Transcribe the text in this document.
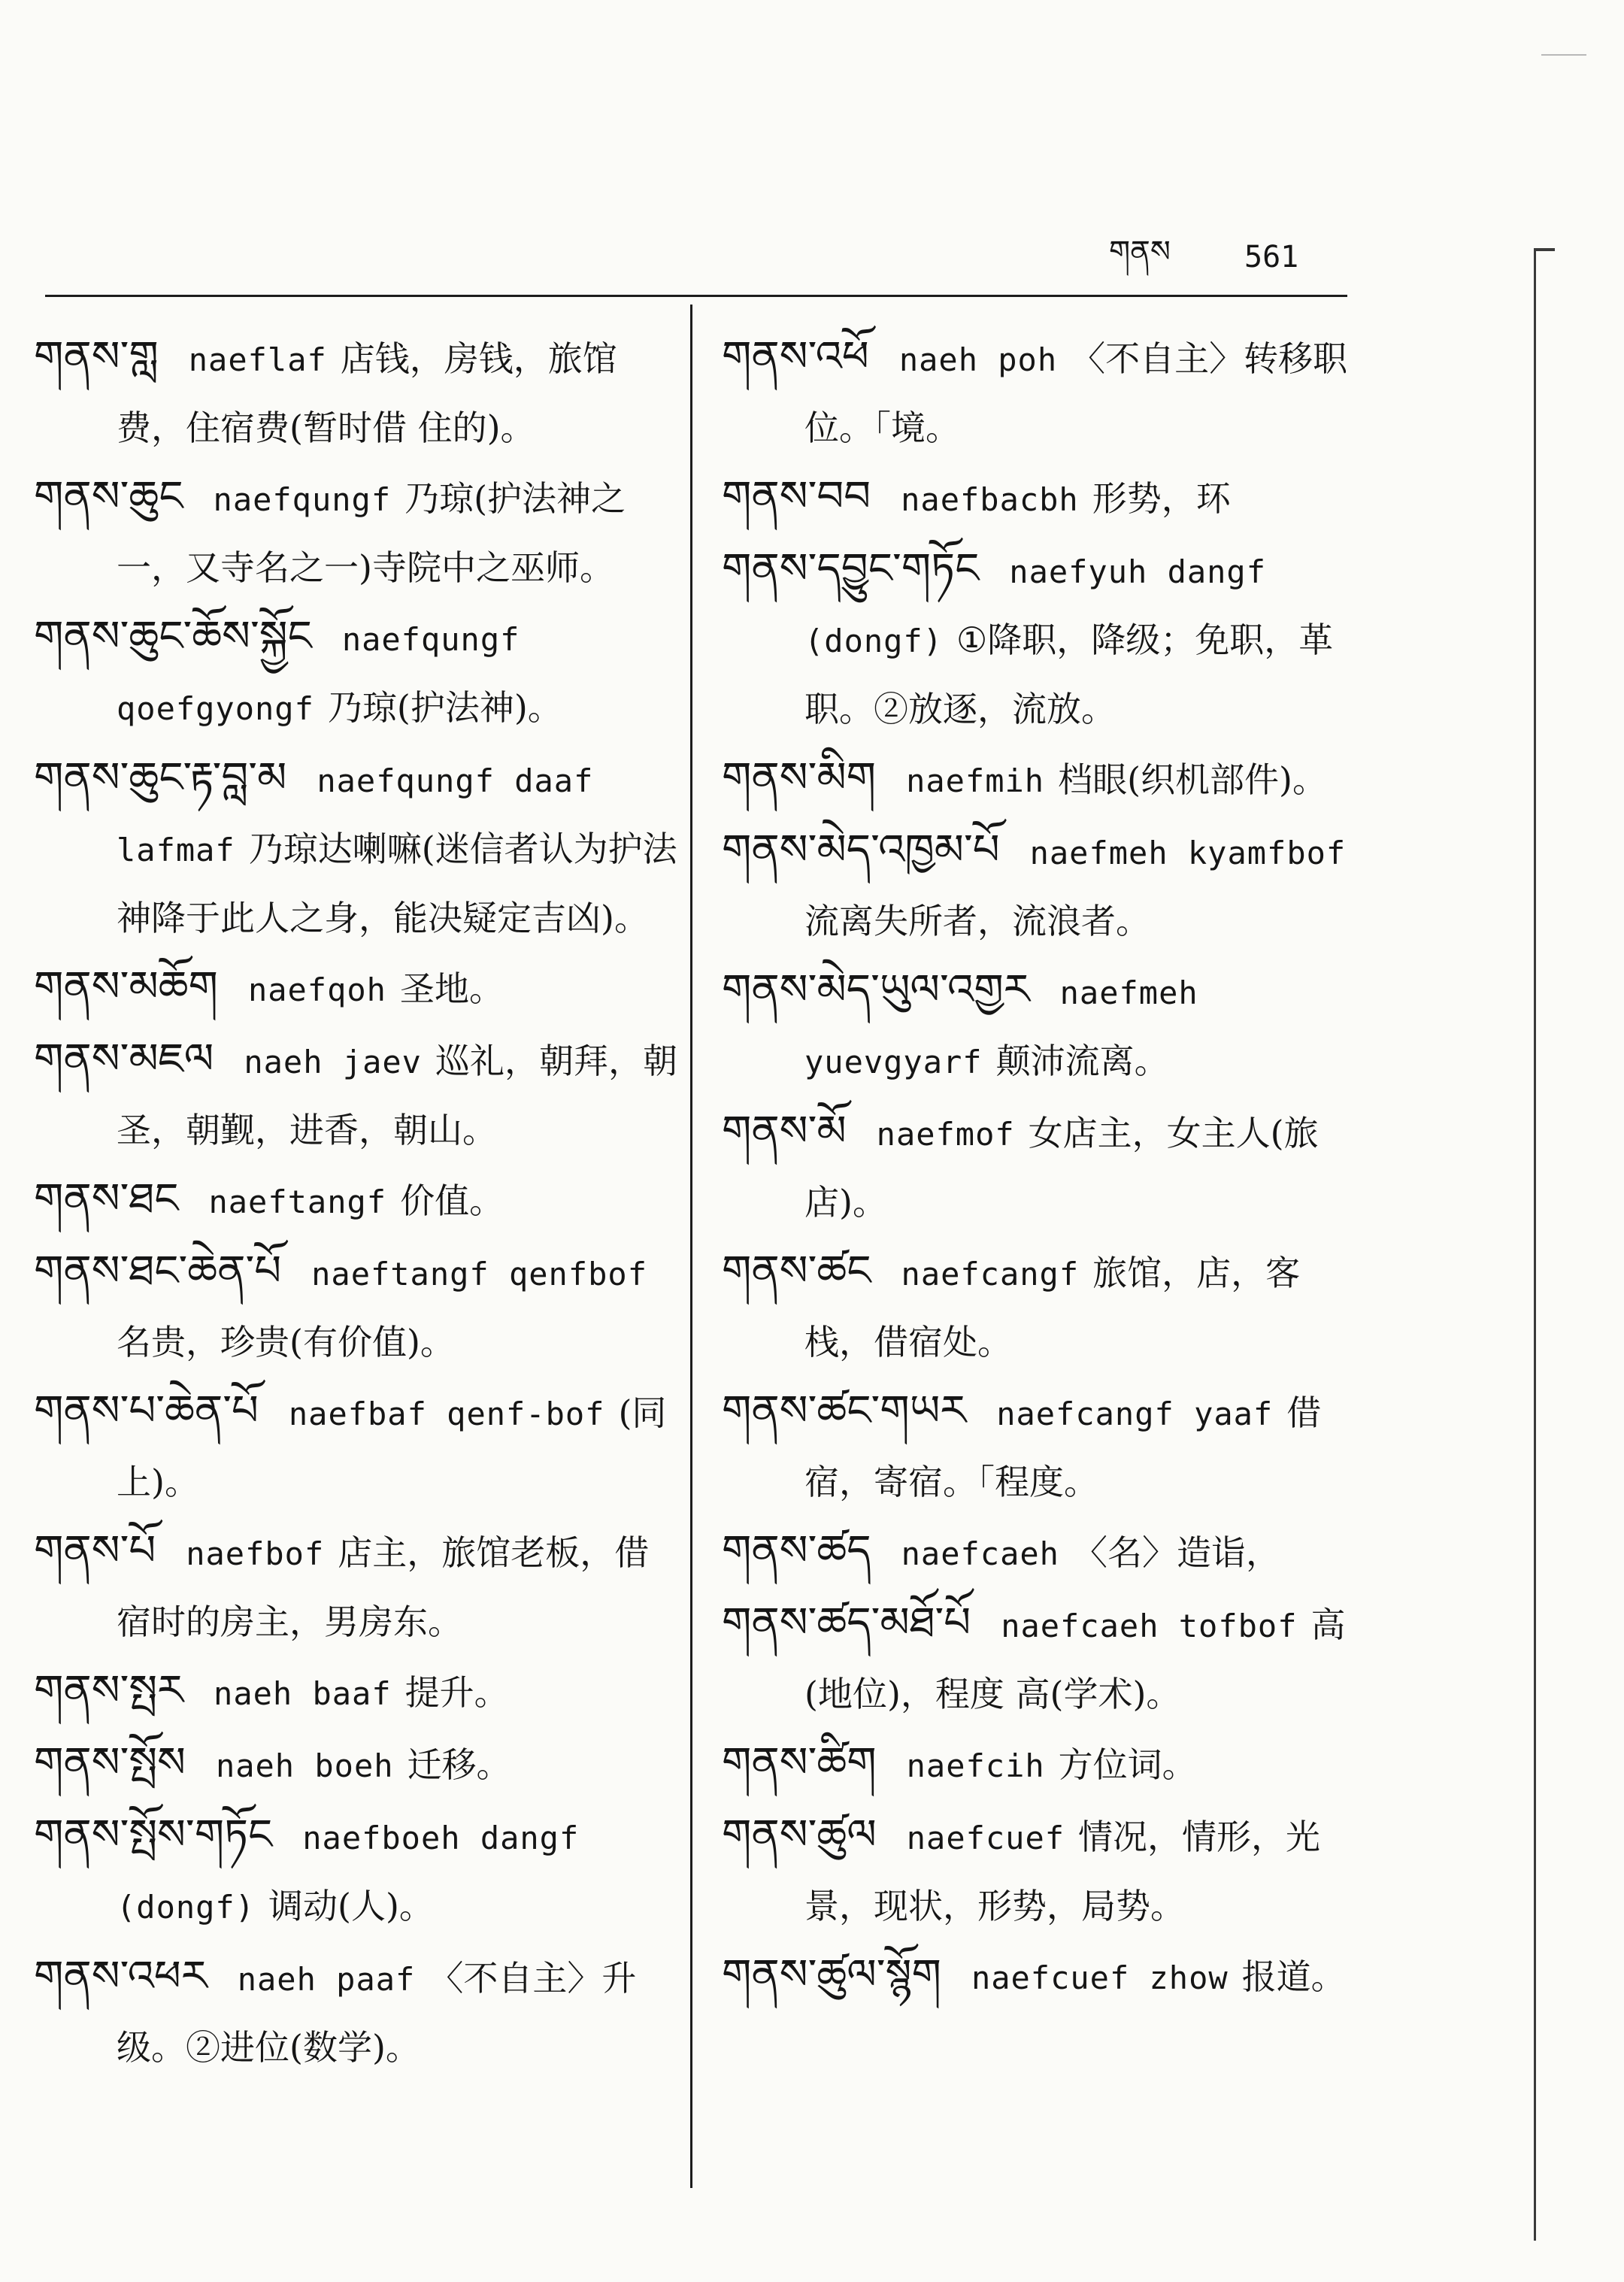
གནས 561

གནས་གླ naeflaf 店钱，房钱，旅馆费，住宿费(暂时借 住的)。

གནས་ཆུང naefqungf 乃琼(护法神之一，又寺名之一)寺院中之巫师。

གནས་ཆུང་ཆོས་སྐྱོང naefqungf qoefgyongf 乃琼(护法神)。

གནས་ཆུང་རྟ་བླ་མ naefqungf daaf lafmaf 乃琼达喇嘛(迷信者认为护法神降于此人之身，能决疑定吉凶)。

གནས་མཆོག naefqoh 圣地。

གནས་མཇལ naeh jaev 巡礼，朝拜，朝圣，朝觐，进香，朝山。

གནས་ཐང naeftangf 价值。

གནས་ཐང་ཆེན་པོ naeftangf qenfbof名贵，珍贵(有价值)。

གནས་པ་ཆེན་པོ naefbaf qenf-bof (同上)。

གནས་པོ naefbof 店主，旅馆老板，借宿时的房主，男房东。

གནས་སྤར naeh baaf 提升。

གནས་སྤོས naeh boeh 迁移。

གནས་སྤོས་གཏོང naefboeh dangf (dongf) 调动(人)。

གནས་འཕར naeh paaf 〈不自主〉升级。②进位(数学)。

གནས་འཕོ naeh poh 〈不自主〉转移职位。「境。

གནས་བབ naefbacbh 形势，环

གནས་དབྱུང་གཏོང naefyuh dangf (dongf) ①降职，降级；免职，革职。②放逐，流放。

གནས་མིག naefmih 档眼(织机部件)。

གནས་མེད་འཁྱམ་པོ naefmeh kyamfbof流离失所者，流浪者。

གནས་མེད་ཡུལ་འགྱར naefmeh yuevgyarf 颠沛流离。

གནས་མོ naefmof 女店主，女主人(旅店)。

གནས་ཚང naefcangf 旅馆，店，客栈，借宿处。

གནས་ཚང་གཡར naefcangf yaaf 借宿，寄宿。「程度。

གནས་ཚད naefcaeh 〈名〉造诣，

གནས་ཚད་མཐོ་པོ naefcaeh tofbof 高(地位)，程度 高(学术)。

གནས་ཚིག naefcih 方位词。

གནས་ཚུལ naefcuef 情况，情形，光景，现状，形势，局势。

གནས་ཚུལ་སྙོག naefcuef zhow 报道。
